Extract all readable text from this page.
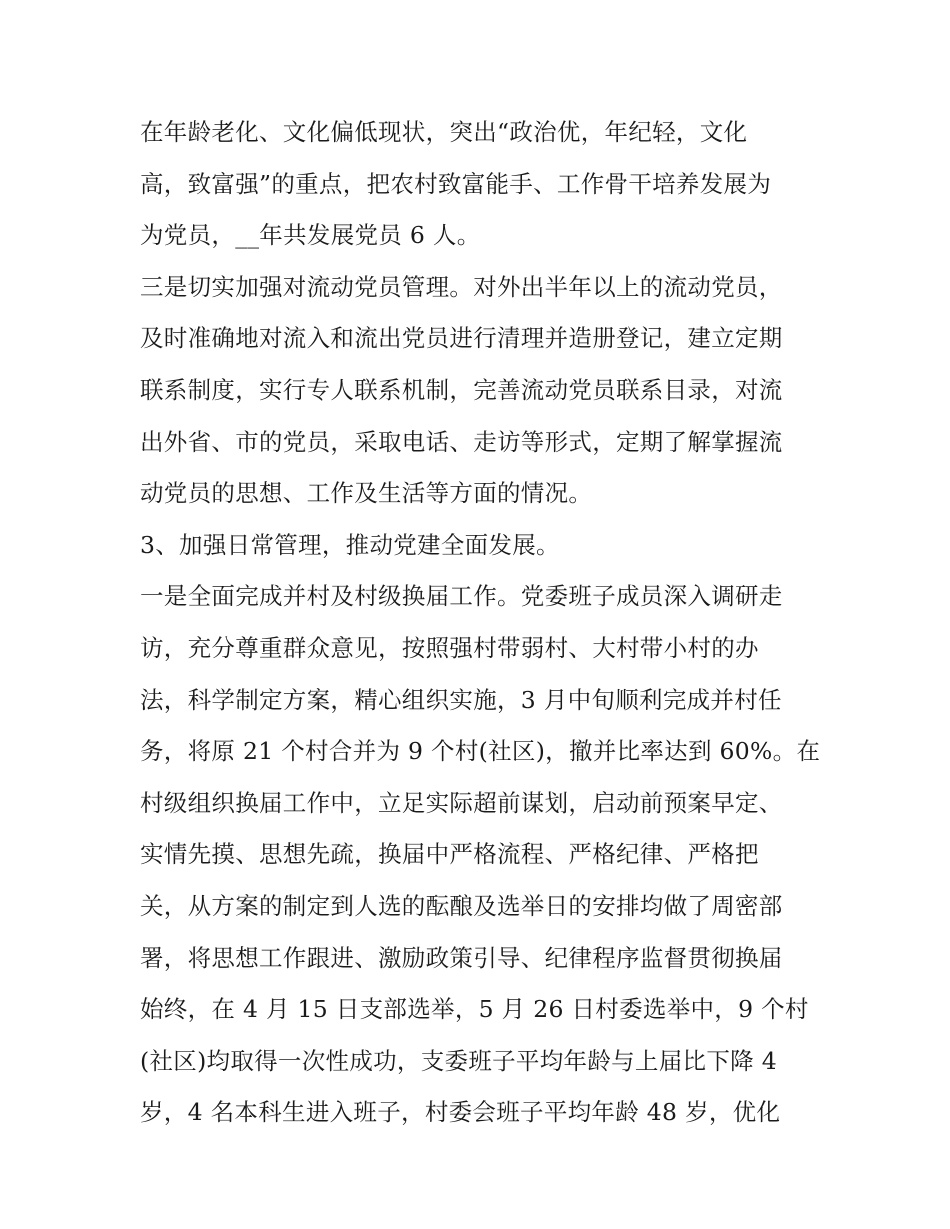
在年龄老化、文化偏低现状，突出“政治优，年纪轻，文化
高，致富强”的重点，把农村致富能手、工作骨干培养发展为
为党员，__年共发展党员 6 人。
三是切实加强对流动党员管理。对外出半年以上的流动党员，
及时准确地对流入和流出党员进行清理并造册登记，建立定期
联系制度，实行专人联系机制，完善流动党员联系目录，对流
出外省、市的党员，采取电话、走访等形式，定期了解掌握流
动党员的思想、工作及生活等方面的情况。
3、加强日常管理，推动党建全面发展。
一是全面完成并村及村级换届工作。党委班子成员深入调研走
访，充分尊重群众意见，按照强村带弱村、大村带小村的办
法，科学制定方案，精心组织实施，3 月中旬顺利完成并村任
务，将原 21 个村合并为 9 个村(社区)，撤并比率达到 60%。在
村级组织换届工作中，立足实际超前谋划，启动前预案早定、
实情先摸、思想先疏，换届中严格流程、严格纪律、严格把
关，从方案的制定到人选的酝酿及选举日的安排均做了周密部
署，将思想工作跟进、激励政策引导、纪律程序监督贯彻换届
始终，在 4 月 15 日支部选举，5 月 26 日村委选举中，9 个村
(社区)均取得一次性成功，支委班子平均年龄与上届比下降 4
岁，4 名本科生进入班子，村委会班子平均年龄 48 岁，优化
